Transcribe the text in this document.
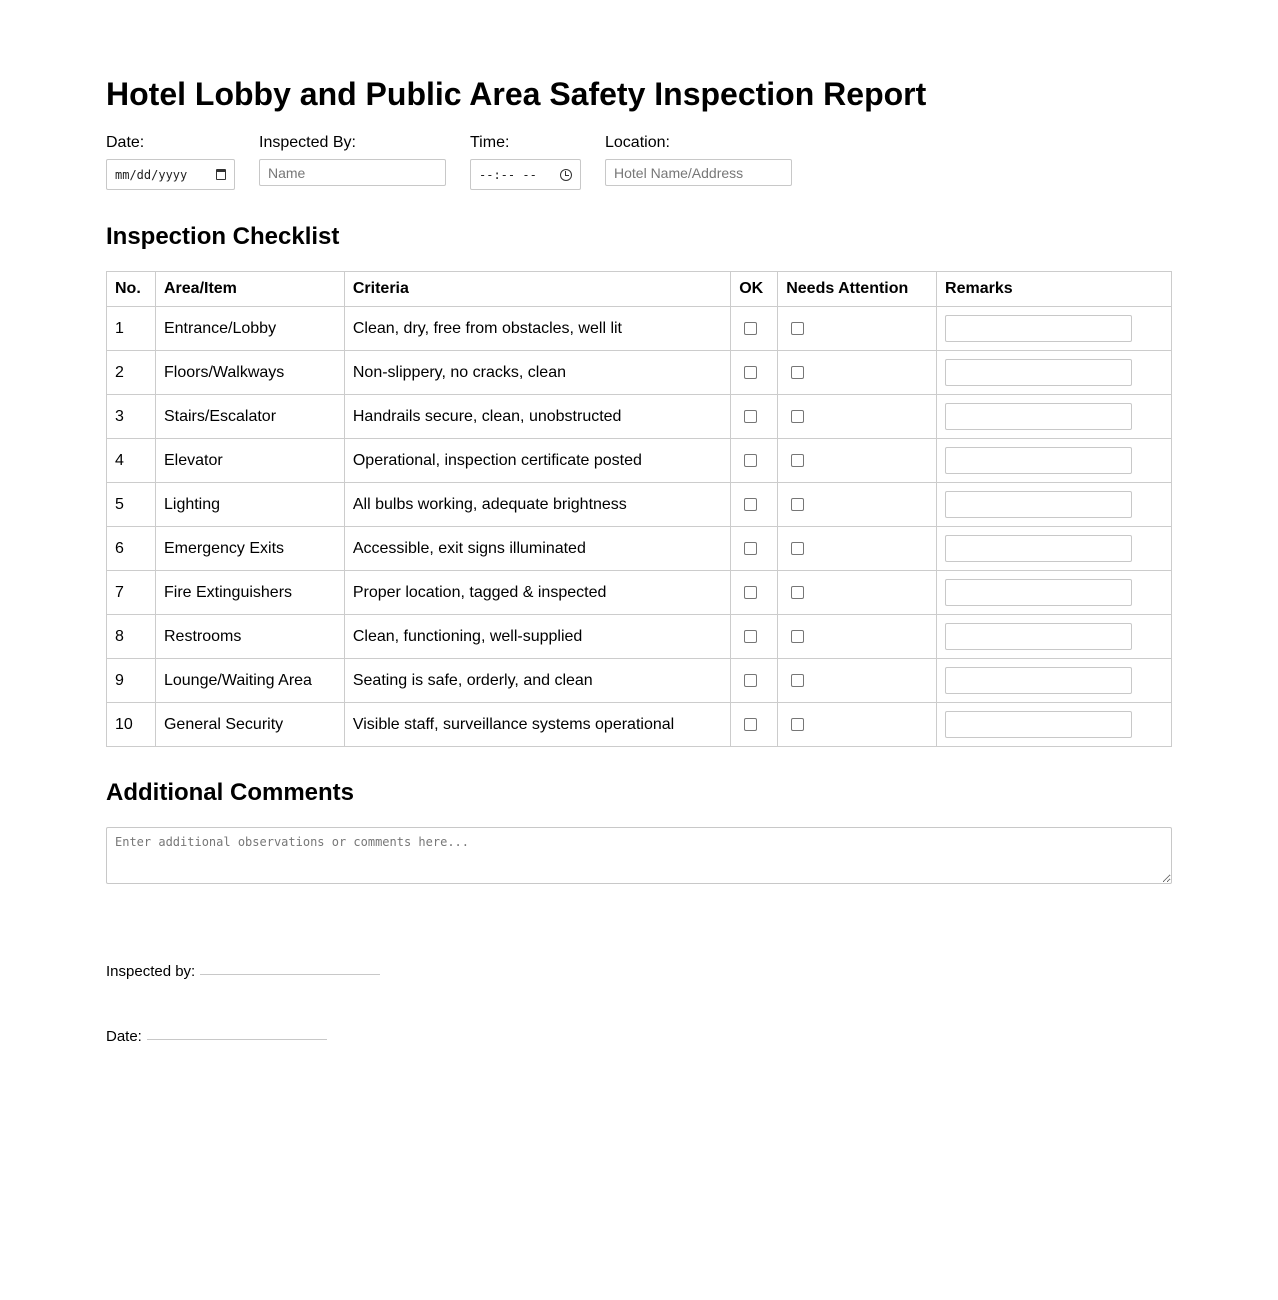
Hotel Lobby and Public Area Safety Inspection Report
Date:
mm/dd/yyyy
Inspected By:
Name	Time:
--:-- --
Location:
Hotel Name/Address
Inspection Checklist
No.	Area/Item	Criteria	OK	Needs Attention	Remarks
1	Entrance/Lobby	Clean, dry, free from obstacles, well lit			

2	Floors/Walkways	Non-slippery, no cracks, clean			

3	Stairs/Escalator	Handrails secure, clean, unobstructed			

4	Elevator	Operational, inspection certificate posted			

5	Lighting	All bulbs working, adequate brightness			

6	Emergency Exits	Accessible, exit signs illuminated			

7	Fire Extinguishers	Proper location, tagged & inspected			

8	Restrooms	Clean, functioning, well-supplied			

9	Lounge/Waiting Area	Seating is safe, orderly, and clean			

10	General Security	Visible staff, surveillance systems operational			
Additional Comments
Enter additional observations or comments here...
Inspected by:
Date:
